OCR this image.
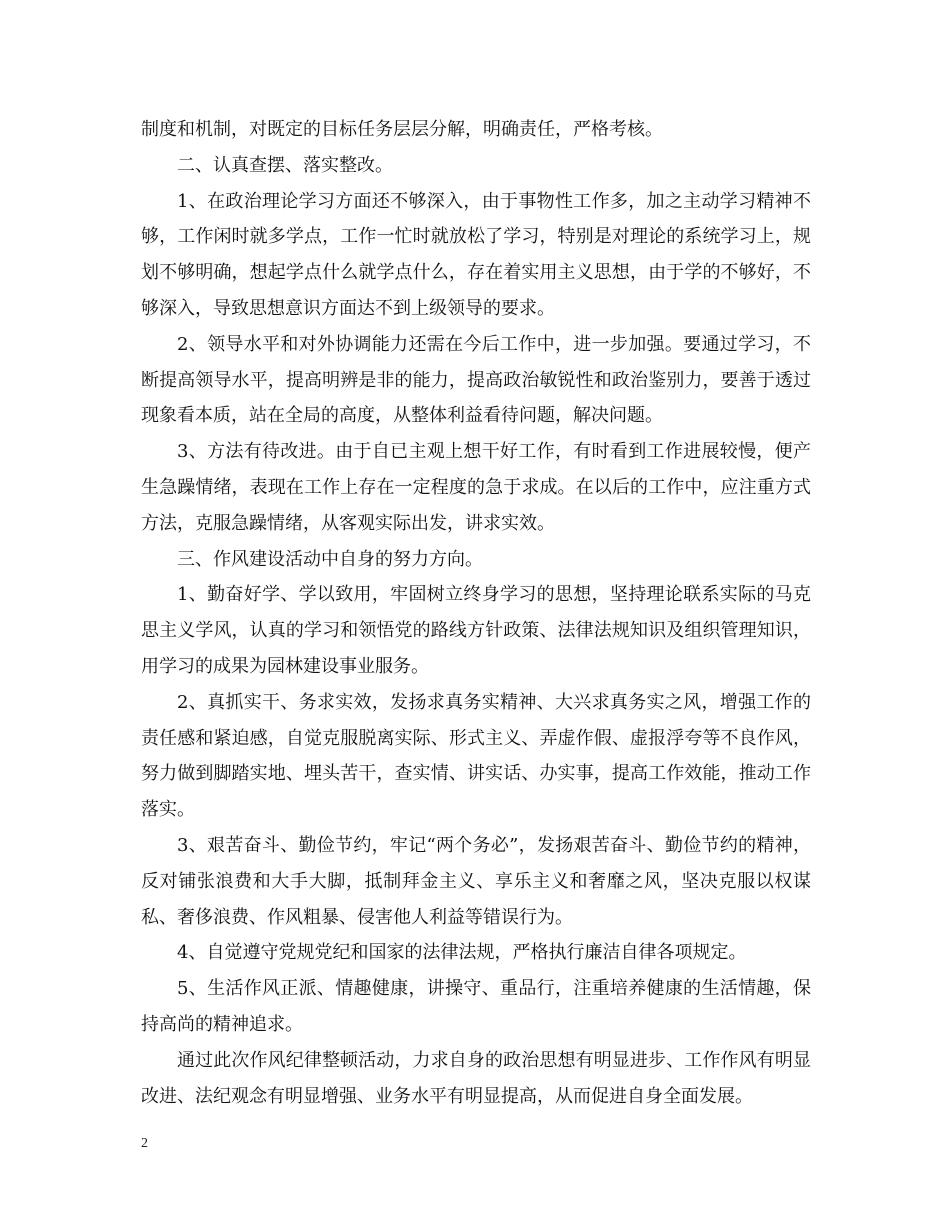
制度和机制，对既定的目标任务层层分解，明确责任，严格考核。

二、认真查摆、落实整改。

1、在政治理论学习方面还不够深入，由于事物性工作多，加之主动学习精神不够，工作闲时就多学点，工作一忙时就放松了学习，特别是对理论的系统学习上，规划不够明确，想起学点什么就学点什么，存在着实用主义思想，由于学的不够好，不够深入，导致思想意识方面达不到上级领导的要求。

2、领导水平和对外协调能力还需在今后工作中，进一步加强。要通过学习，不断提高领导水平，提高明辨是非的能力，提高政治敏锐性和政治鉴别力，要善于透过现象看本质，站在全局的高度，从整体利益看待问题，解决问题。

3、方法有待改进。由于自已主观上想干好工作，有时看到工作进展较慢，便产生急躁情绪，表现在工作上存在一定程度的急于求成。在以后的工作中，应注重方式方法，克服急躁情绪，从客观实际出发，讲求实效。

三、作风建设活动中自身的努力方向。

1、勤奋好学、学以致用，牢固树立终身学习的思想，坚持理论联系实际的马克思主义学风，认真的学习和领悟党的路线方针政策、法律法规知识及组织管理知识，用学习的成果为园林建设事业服务。

2、真抓实干、务求实效，发扬求真务实精神、大兴求真务实之风，增强工作的责任感和紧迫感，自觉克服脱离实际、形式主义、弄虚作假、虚报浮夸等不良作风，努力做到脚踏实地、埋头苦干，查实情、讲实话、办实事，提高工作效能，推动工作落实。

3、艰苦奋斗、勤俭节约，牢记“两个务必”，发扬艰苦奋斗、勤俭节约的精神，反对铺张浪费和大手大脚，抵制拜金主义、享乐主义和奢靡之风，坚决克服以权谋私、奢侈浪费、作风粗暴、侵害他人利益等错误行为。

4、自觉遵守党规党纪和国家的法律法规，严格执行廉洁自律各项规定。

5、生活作风正派、情趣健康，讲操守、重品行，注重培养健康的生活情趣，保持高尚的精神追求。

通过此次作风纪律整顿活动，力求自身的政治思想有明显进步、工作作风有明显改进、法纪观念有明显增强、业务水平有明显提高，从而促进自身全面发展。

2
